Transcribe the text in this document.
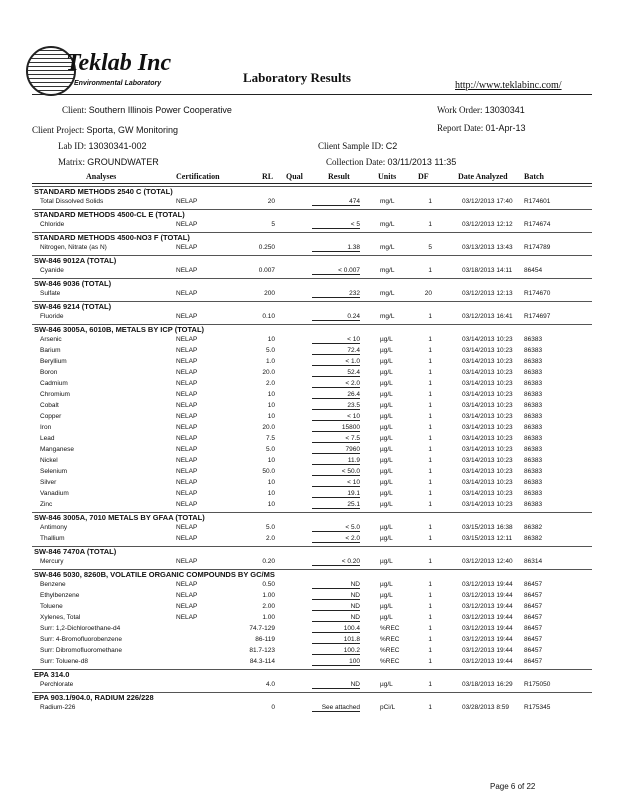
Teklab Inc
Environmental Laboratory	Laboratory Results
http://www.teklabinc.com/
Client: Southern Illinois Power Cooperative	Work Order: 13030341
Client Project: Sporta, GW Monitoring	Report Date: 01-Apr-13
Lab ID: 13030341-002	Client Sample ID: C2
Matrix: GROUNDWATER	Collection Date: 03/11/2013 11:35
Analyses	Certification	RL Qual	Result	Units	DF	Date Analyzed Batch
STANDARD METHODS 2540 C (TOTAL)
Total Dissolved Solids	NELAP	20	474	mg/L	1	03/12/2013 17:40 R174601
STANDARD METHODS 4500-CL E (TOTAL)
Chloride	NELAP	5	< 5	mg/L	1	03/12/2013 12:12 R174674
STANDARD METHODS 4500-NO3 F (TOTAL)
Nitrogen, Nitrate (as N)	NELAP	0.250	1.38	mg/L	5	03/13/2013 13:43 R174789
SW-846 9012A (TOTAL)
Cyanide	NELAP	0.007	< 0.007	mg/L	1	03/18/2013 14:11 86454
SW-846 9036 (TOTAL)
Sulfate	NELAP	200	232	mg/L	20	03/12/2013 12:13 R174670
SW-846 9214 (TOTAL)
Fluoride	NELAP	0.10	0.24	mg/L	1	03/12/2013 16:41 R174697
SW-846 3005A, 6010B, METALS BY ICP (TOTAL)
Arsenic	NELAP	10	< 10	µg/L	1	03/14/2013 10:23 86383
Barium	NELAP	5.0	72.4	µg/L	1	03/14/2013 10:23 86383
Beryllium	NELAP	1.0	< 1.0	µg/L	1	03/14/2013 10:23 86383
Boron	NELAP	20.0	52.4	µg/L	1	03/14/2013 10:23 86383
Cadmium	NELAP	2.0	< 2.0	µg/L	1	03/14/2013 10:23 86383
Chromium	NELAP	10	26.4	µg/L	1	03/14/2013 10:23 86383
Cobalt	NELAP	10	23.5	µg/L	1	03/14/2013 10:23 86383
Copper	NELAP	10	< 10	µg/L	1	03/14/2013 10:23 86383
Iron	NELAP	20.0	15800	µg/L	1	03/14/2013 10:23 86383
Lead	NELAP	7.5	< 7.5	µg/L	1	03/14/2013 10:23 86383
Manganese	NELAP	5.0	7960	µg/L	1	03/14/2013 10:23 86383
Nickel	NELAP	10	11.9	µg/L	1	03/14/2013 10:23 86383
Selenium	NELAP	50.0	< 50.0	µg/L	1	03/14/2013 10:23 86383
Silver	NELAP	10	< 10	µg/L	1	03/14/2013 10:23 86383
Vanadium	NELAP	10	19.1	µg/L	1	03/14/2013 10:23 86383
Zinc	NELAP	10	25.1	µg/L	1	03/14/2013 10:23 86383
SW-846 3005A, 7010 METALS BY GFAA (TOTAL)
Antimony	NELAP	5.0	< 5.0	µg/L	1	03/15/2013 16:38 86382
Thallium	NELAP	2.0	< 2.0	µg/L	1	03/15/2013 12:11 86382
SW-846 7470A (TOTAL)
Mercury	NELAP	0.20	< 0.20	µg/L	1	03/12/2013 12:40 86314
SW-846 5030, 8260B, VOLATILE ORGANIC COMPOUNDS BY GC/MS
Benzene	NELAP	0.50	ND	µg/L	1	03/12/2013 19:44 86457
Ethylbenzene	NELAP	1.00	ND	µg/L	1	03/12/2013 19:44 86457
Toluene	NELAP	2.00	ND	µg/L	1	03/12/2013 19:44 86457
Xylenes, Total	NELAP	1.00	ND	µg/L	1	03/12/2013 19:44 86457
Surr: 1,2-Dichloroethane-d4	74.7-129	100.4	%REC	1	03/12/2013 19:44 86457
Surr: 4-Bromofluorobenzene	86-119	101.8	%REC	1	03/12/2013 19:44 86457
Surr: Dibromofluoromethane	81.7-123	100.2	%REC	1	03/12/2013 19:44 86457
Surr: Toluene-d8	84.3-114	100	%REC	1	03/12/2013 19:44 86457
EPA 314.0
Perchlorate	4.0	ND	µg/L	1	03/18/2013 16:29 R175050
EPA 903.1/904.0, RADIUM 226/228
Radium-226	0	See attached	pCi/L	1	03/28/2013 8:59 R175345
Page 6 of 22
